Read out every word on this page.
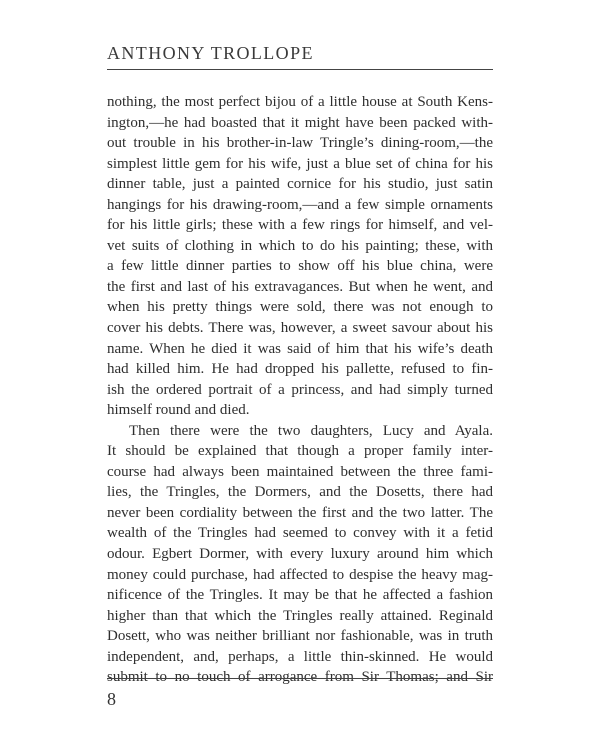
ANTHONY TROLLOPE
nothing, the most perfect bijou of a little house at South Kens-
ington,—he had boasted that it might have been packed with-
out trouble in his brother-in-law Tringle’s dining-room,—the
simplest little gem for his wife, just a blue set of china for his
dinner table, just a painted cornice for his studio, just satin
hangings for his drawing-room,—and a few simple ornaments
for his little girls; these with a few rings for himself, and vel-
vet suits of clothing in which to do his painting; these, with
a few little dinner parties to show off his blue china, were
the first and last of his extravagances. But when he went, and
when his pretty things were sold, there was not enough to
cover his debts. There was, however, a sweet savour about his
name. When he died it was said of him that his wife’s death
had killed him. He had dropped his pallette, refused to fin-
ish the ordered portrait of a princess, and had simply turned
himself round and died.
Then there were the two daughters, Lucy and Ayala.
It should be explained that though a proper family inter-
course had always been maintained between the three fami-
lies, the Tringles, the Dormers, and the Dosetts, there had
never been cordiality between the first and the two latter. The
wealth of the Tringles had seemed to convey with it a fetid
odour. Egbert Dormer, with every luxury around him which
money could purchase, had affected to despise the heavy mag-
nificence of the Tringles. It may be that he affected a fashion
higher than that which the Tringles really attained. Reginald
Dosett, who was neither brilliant nor fashionable, was in truth
independent, and, perhaps, a little thin-skinned. He would
submit to no touch of arrogance from Sir Thomas; and Sir
8
